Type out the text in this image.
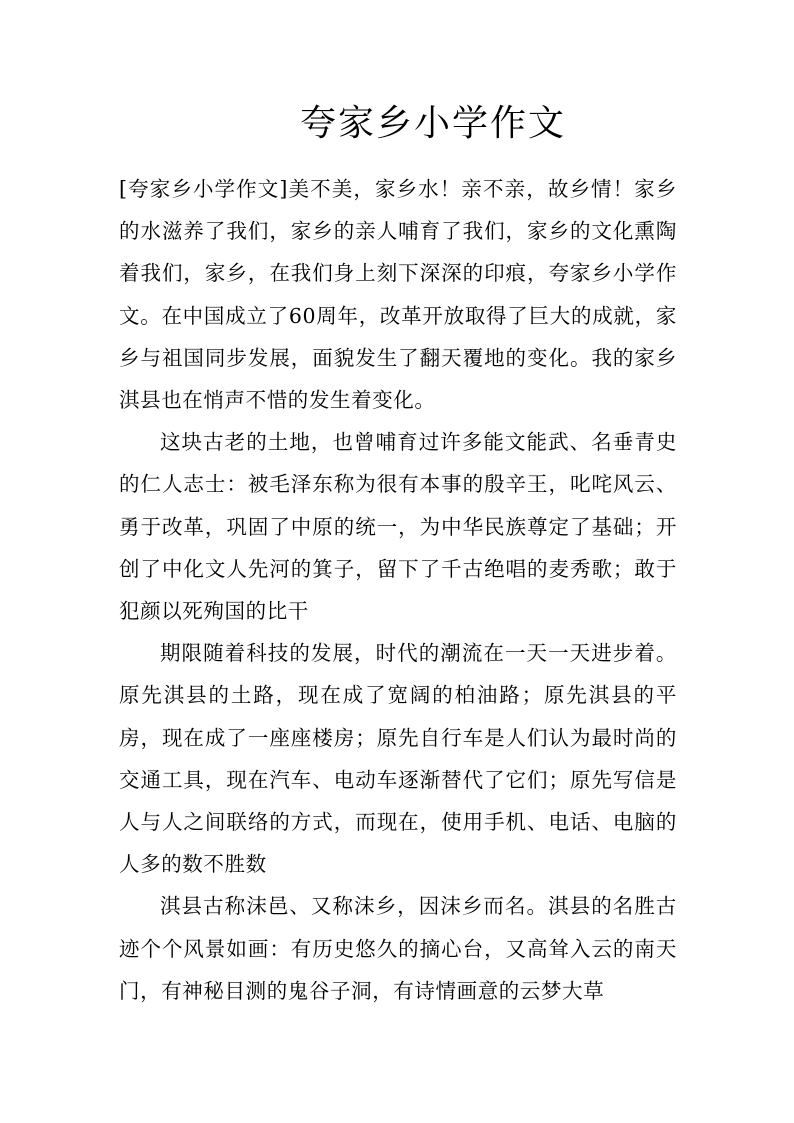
夸家乡小学作文

[夸家乡小学作文]美不美，家乡水！亲不亲，故乡情！家乡的水滋养了我们，家乡的亲人哺育了我们，家乡的文化熏陶着我们，家乡，在我们身上刻下深深的印痕，夸家乡小学作文。在中国成立了60周年，改革开放取得了巨大的成就，家乡与祖国同步发展，面貌发生了翻天覆地的变化。我的家乡淇县也在悄声不惜的发生着变化。

这块古老的土地，也曾哺育过许多能文能武、名垂青史的仁人志士：被毛泽东称为很有本事的殷辛王，叱咤风云、勇于改革，巩固了中原的统一，为中华民族尊定了基础；开创了中化文人先河的箕子，留下了千古绝唱的麦秀歌；敢于犯颜以死殉国的比干

期限随着科技的发展，时代的潮流在一天一天进步着。原先淇县的土路，现在成了宽阔的柏油路；原先淇县的平房，现在成了一座座楼房；原先自行车是人们认为最时尚的交通工具，现在汽车、电动车逐渐替代了它们；原先写信是人与人之间联络的方式，而现在，使用手机、电话、电脑的人多的数不胜数

淇县古称沫邑、又称沫乡，因沫乡而名。淇县的名胜古迹个个风景如画：有历史悠久的摘心台，又高耸入云的南天门，有神秘目测的鬼谷子洞，有诗情画意的云梦大草
